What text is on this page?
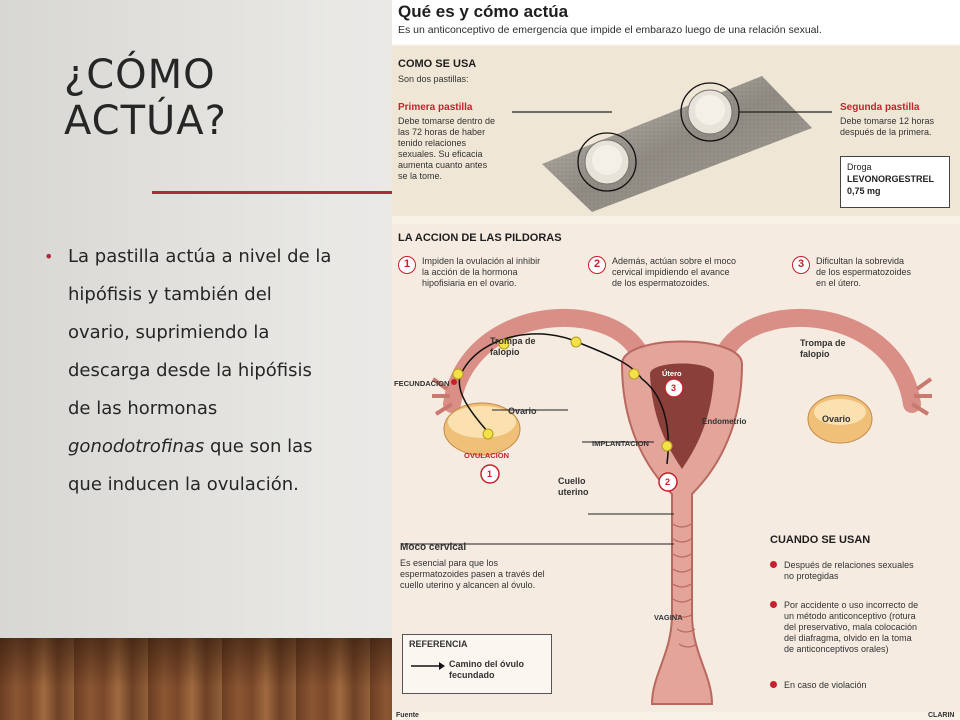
¿CÓMO
ACTÚA?
• La pastilla actúa a nivel de la
hipófisis y también del
ovario, suprimiendo la
descarga desde la hipófisis
de las hormonas
gonodotrofinas que son las
que inducen la ovulación.
Qué es y cómo actúa

Es un anticonceptivo de emergencia que impide el embarazo luego de una relación sexual.

COMO SE USA
Son dos pastillas:
Primera pastilla
Debe tomarse dentro de
las 72 horas de haber
tenido relaciones
sexuales. Su eficacia
aumenta cuanto antes
se la tome.
Segunda pastilla
Debe tomarse 12 horas
después de la primera.
Droga
LEVONORGESTREL
0,75 mg
LA ACCION DE LAS PILDORAS
1	Impiden la ovulación al inhibir
la acción de la hormona
hipofisiaria en el ovario.
2	Además, actúan sobre el moco
cervical impidiendo el avance
de los espermatozoides.
3	Dificultan la sobrevida
de los espermatozoides
en el útero.
Trompa de falopio
Trompa de falopio
FECUNDACION
Ovario
Ovario
OVULACION
Útero
Endometrio
IMPLANTACION
Cuello uterino
VAGINA
1
2
3
Moco cervical
Es esencial para que los
espermatozoides pasen a través del
cuello uterino y alcancen al óvulo.
CUANDO SE USAN
Después de relaciones sexuales
no protegidas
Por accidente o uso incorrecto de
un método anticonceptivo (rotura
del preservativo, mala colocación
del diafragma, olvido en la toma
de anticonceptivos orales)
En caso de violación
REFERENCIA
Camino del óvulo
fecundado
Fuente	CLARIN
